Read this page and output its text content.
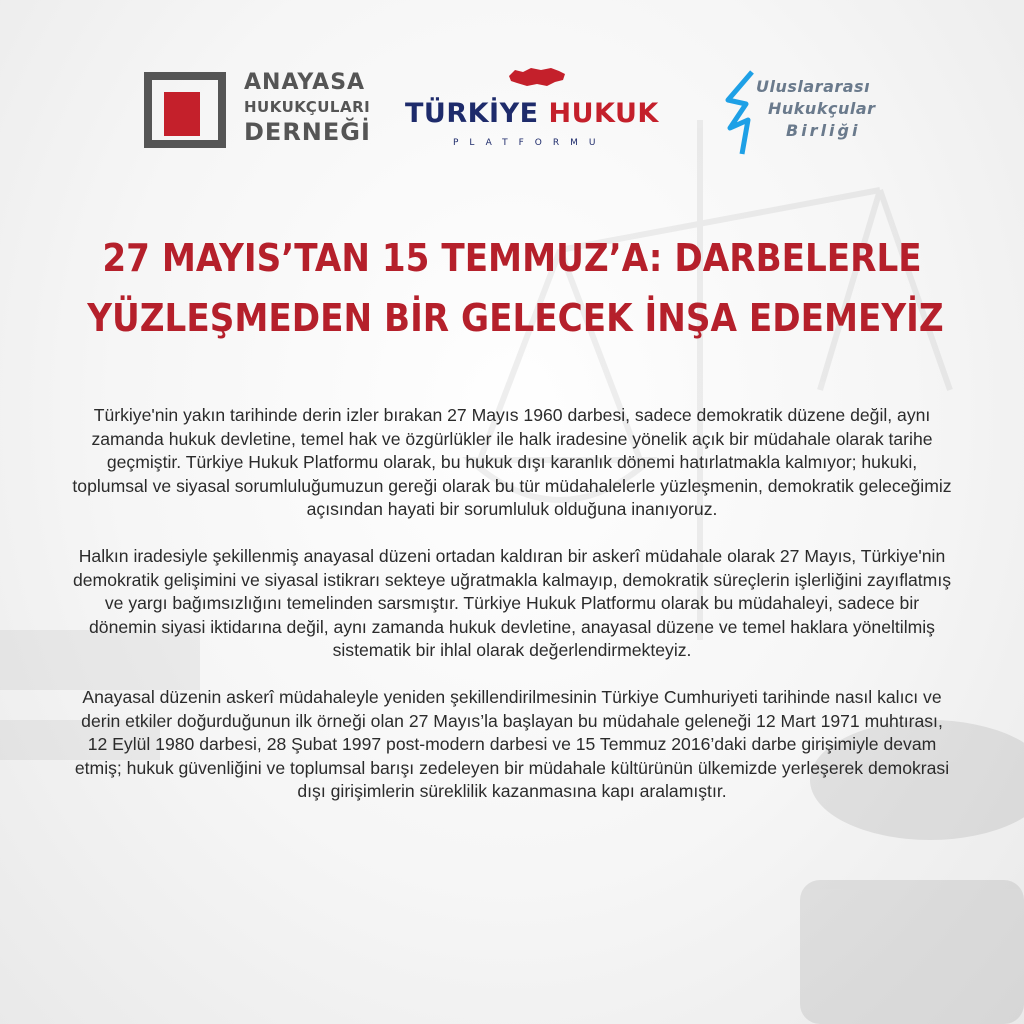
ANAYASA
HUKUKÇULARI
DERNEĞİ
TÜRKİYE HUKUK
PLATFORMU
Uluslararası
Hukukçular
Birliği
27 MAYIS’TAN 15 TEMMUZ’A: DARBELERLE
YÜZLEŞMEDEN BİR GELECEK İNŞA EDEMEYİZ

Türkiye'nin yakın tarihinde derin izler bırakan 27 Mayıs 1960 darbesi, sadece demokratik düzene değil, aynı zamanda hukuk devletine, temel hak ve özgürlükler ile halk iradesine yönelik açık bir müdahale olarak tarihe geçmiştir. Türkiye Hukuk Platformu olarak, bu hukuk dışı karanlık dönemi hatırlatmakla kalmıyor; hukuki, toplumsal ve siyasal sorumluluğumuzun gereği olarak bu tür müdahalelerle yüzleşmenin, demokratik geleceğimiz açısından hayati bir sorumluluk olduğuna inanıyoruz.

Halkın iradesiyle şekillenmiş anayasal düzeni ortadan kaldıran bir askerî müdahale olarak 27 Mayıs, Türkiye'nin demokratik gelişimini ve siyasal istikrarı sekteye uğratmakla kalmayıp, demokratik süreçlerin işlerliğini zayıflatmış ve yargı bağımsızlığını temelinden sarsmıştır. Türkiye Hukuk Platformu olarak bu müdahaleyi, sadece bir dönemin siyasi iktidarına değil, aynı zamanda hukuk devletine, anayasal düzene ve temel haklara yöneltilmiş sistematik bir ihlal olarak değerlendirmekteyiz.

Anayasal düzenin askerî müdahaleyle yeniden şekillendirilmesinin Türkiye Cumhuriyeti tarihinde nasıl kalıcı ve derin etkiler doğurduğunun ilk örneği olan 27 Mayıs’la başlayan bu müdahale geleneği 12 Mart 1971 muhtırası, 12 Eylül 1980 darbesi, 28 Şubat 1997 post-modern darbesi ve 15 Temmuz 2016’daki darbe girişimiyle devam etmiş; hukuk güvenliğini ve toplumsal barışı zedeleyen bir müdahale kültürünün ülkemizde yerleşerek demokrasi dışı girişimlerin süreklilik kazanmasına kapı aralamıştır.
